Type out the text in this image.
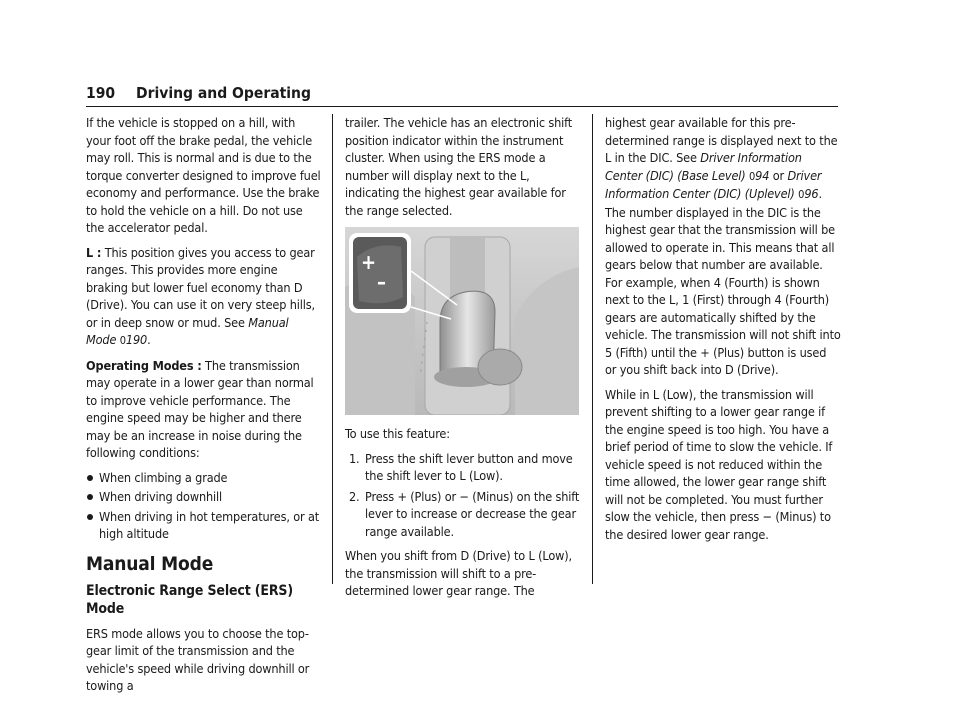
190 Driving and Operating

If the vehicle is stopped on a hill, with your foot off the brake pedal, the vehicle may roll. This is normal and is due to the torque converter designed to improve fuel economy and performance. Use the brake to hold the vehicle on a hill. Do not use the accelerator pedal.

L : This position gives you access to gear ranges. This provides more engine braking but lower fuel economy than D (Drive). You can use it on very steep hills, or in deep snow or mud. See Manual Mode 0190.

Operating Modes : The transmission may operate in a lower gear than normal to improve vehicle performance. The engine speed may be higher and there may be an increase in noise during the following conditions:

When climbing a grade
When driving downhill
When driving in hot temperatures, or at high altitude
Manual Mode
Electronic Range Select (ERS) Mode

ERS mode allows you to choose the top-gear limit of the transmission and the vehicle's speed while driving downhill or towing a

trailer. The vehicle has an electronic shift position indicator within the instrument cluster. When using the ERS mode a number will display next to the L, indicating the highest gear available for the range selected.

+
–

To use this feature:

1. Press the shift lever button and move the shift lever to L (Low).
2. Press + (Plus) or − (Minus) on the shift lever to increase or decrease the gear range available.

When you shift from D (Drive) to L (Low), the transmission will shift to a pre-determined lower gear range. The

highest gear available for this pre-determined range is displayed next to the L in the DIC. See Driver Information Center (DIC) (Base Level) 094 or Driver Information Center (DIC) (Uplevel) 096. The number displayed in the DIC is the highest gear that the transmission will be allowed to operate in. This means that all gears below that number are available. For example, when 4 (Fourth) is shown next to the L, 1 (First) through 4 (Fourth) gears are automatically shifted by the vehicle. The transmission will not shift into 5 (Fifth) until the + (Plus) button is used or you shift back into D (Drive).

While in L (Low), the transmission will prevent shifting to a lower gear range if the engine speed is too high. You have a brief period of time to slow the vehicle. If vehicle speed is not reduced within the time allowed, the lower gear range shift will not be completed. You must further slow the vehicle, then press − (Minus) to the desired lower gear range.
